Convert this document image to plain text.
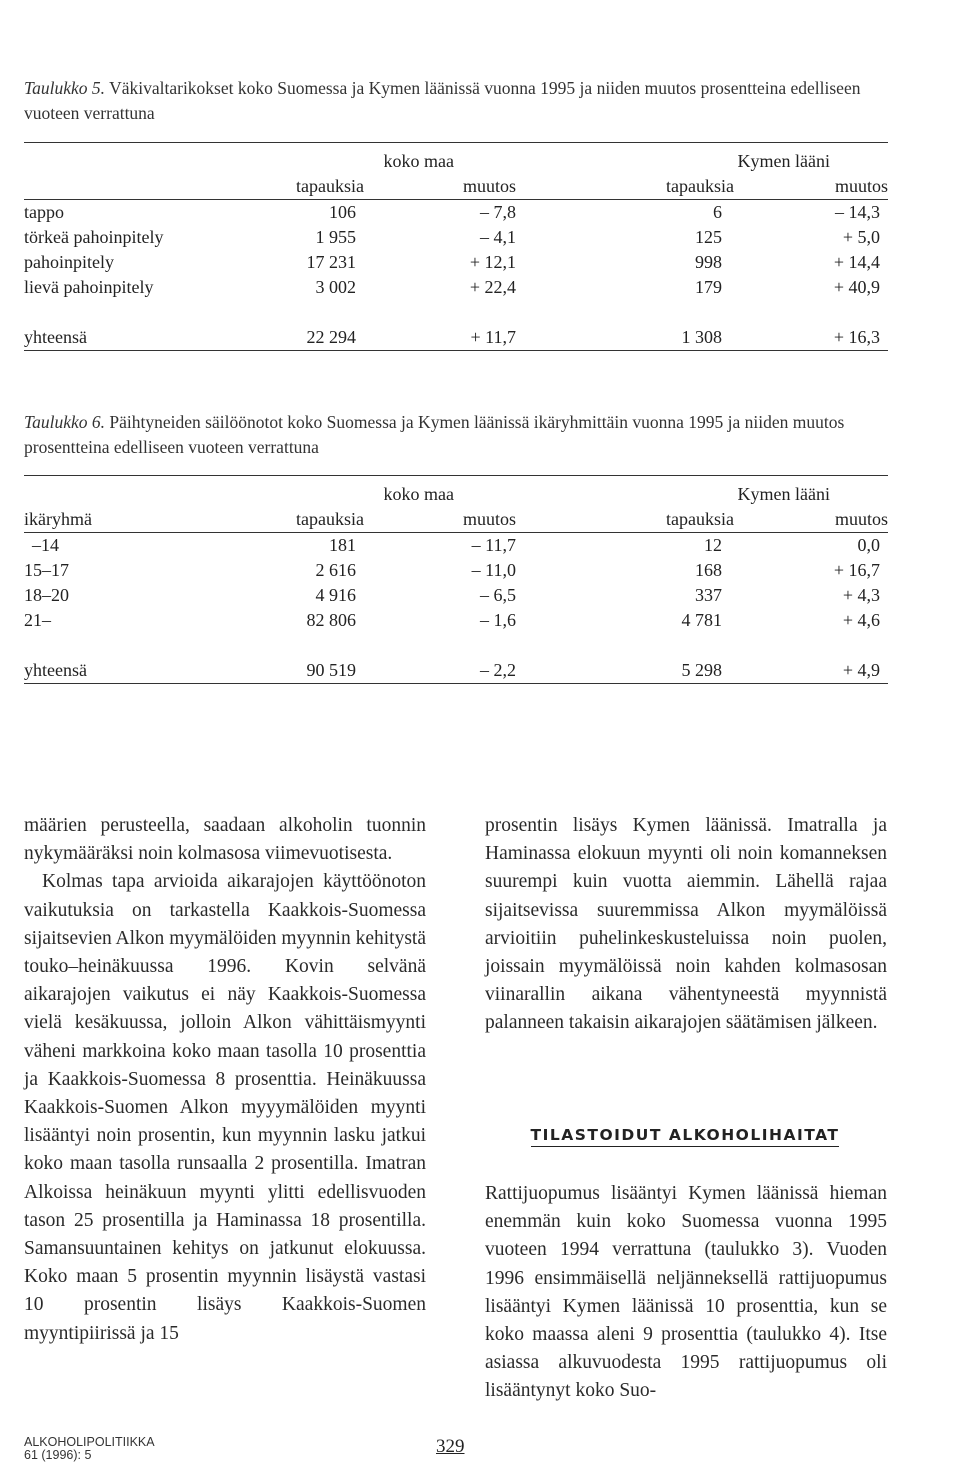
Taulukko 5. Väkivaltarikokset koko Suomessa ja Kymen läänissä vuonna 1995 ja niiden muutos prosentteina edelliseen vuoteen verrattuna

	koko maa		Kymen lääni	
	tapauksia	muutos	tapauksia	muutos
tappo	106	– 7,8	6	– 14,3
törkeä pahoinpitely	1 955	– 4,1	125	+ 5,0
pahoinpitely	17 231	+ 12,1	998	+ 14,4
lievä pahoinpitely	3 002	+ 22,4	179	+ 40,9

yhteensä	22 294	+ 11,7	1 308	+ 16,3
Taulukko 6. Päihtyneiden säilöönotot koko Suomessa ja Kymen läänissä ikäryhmittäin vuonna 1995 ja niiden muutos prosentteina edelliseen vuoteen verrattuna

	koko maa		Kymen lääni	
ikäryhmä	tapauksia	muutos	tapauksia	muutos
–14	181	– 11,7	12	0,0
15–17	2 616	– 11,0	168	+ 16,7
18–20	4 916	– 6,5	337	+ 4,3
21–	82 806	– 1,6	4 781	+ 4,6

yhteensä	90 519	– 2,2	5 298	+ 4,9

määrien perusteella, saadaan alkoholin tuonnin nykymääräksi noin kolmasosa viimevuotisesta.

Kolmas tapa arvioida aikarajojen käyttöönoton vaikutuksia on tarkastella Kaakkois-Suomessa sijaitsevien Alkon myymälöiden myynnin kehitystä touko–heinäkuussa 1996. Kovin selvänä aikarajojen vaikutus ei näy Kaakkois-Suomessa vielä kesäkuussa, jolloin Alkon vähittäismyynti väheni markkoina koko maan tasolla 10 prosenttia ja Kaakkois-Suomessa 8 prosenttia. Heinäkuussa Kaakkois-Suomen Alkon myyymälöiden myynti lisääntyi noin prosentin, kun myynnin lasku jatkui koko maan tasolla runsaalla 2 prosentilla. Imatran Alkoissa heinäkuun myynti ylitti edellisvuoden tason 25 prosentilla ja Haminassa 18 prosentilla. Samansuuntainen kehitys on jatkunut elokuussa. Koko maan 5 prosentin myynnin lisäystä vastasi 10 prosentin lisäys Kaakkois-Suomen myyntipiirissä ja 15

prosentin lisäys Kymen läänissä. Imatralla ja Haminassa elokuun myynti oli noin komanneksen suurempi kuin vuotta aiemmin. Lähellä rajaa sijaitsevissa suuremmissa Alkon myymälöissä arvioitiin puhelinkeskusteluissa noin puolen, joissain myymälöissä noin kahden kolmasosan viinarallin aikana vähentyneestä myynnistä palanneen takaisin aikarajojen säätämisen jälkeen.

TILASTOIDUT ALKOHOLIHAITAT

Rattijuopumus lisääntyi Kymen läänissä hieman enemmän kuin koko Suomessa vuonna 1995 vuoteen 1994 verrattuna (taulukko 3). Vuoden 1996 ensimmäisellä neljänneksellä rattijuopumus lisääntyi Kymen läänissä 10 prosenttia, kun se koko maassa aleni 9 prosenttia (taulukko 4). Itse asiassa alkuvuodesta 1995 rattijuopumus oli lisääntynyt koko Suo-

ALKOHOLIPOLITIIKKA
61 (1996): 5	329
